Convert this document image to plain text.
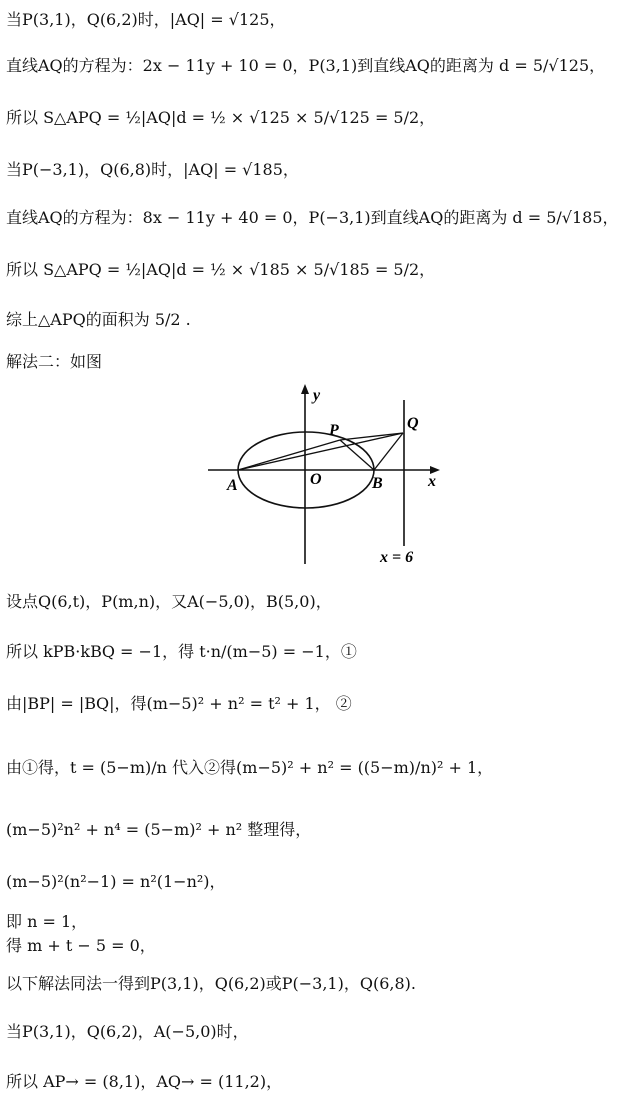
当P(3,1)，Q(6,2)时，|AQ| = √125，
直线AQ的方程为：2x − 11y + 10 = 0，P(3,1)到直线AQ的距离为 d = 5/√125，
所以 S△APQ = ½|AQ|d = ½ × √125 × 5/√125 = 5/2，
当P(−3,1)，Q(6,8)时，|AQ| = √185，
直线AQ的方程为：8x − 11y + 40 = 0，P(−3,1)到直线AQ的距离为 d = 5/√185，
所以 S△APQ = ½|AQ|d = ½ × √185 × 5/√185 = 5/2，
综上△APQ的面积为 5/2 .
解法二：如图
设点Q(6,t)，P(m,n)，又A(−5,0)，B(5,0)，
所以 kPB·kBQ = −1，得 t·n/(m−5) = −1，①
由|BP| = |BQ|，得(m−5)² + n² = t² + 1， ②
由①得，t = (5−m)/n 代入②得(m−5)² + n² = ((5−m)/n)² + 1，
(m−5)²n² + n⁴ = (5−m)² + n² 整理得，
(m−5)²(n²−1) = n²(1−n²)，
即 n = 1，
得 m + t − 5 = 0，
以下解法同法一得到P(3,1)，Q(6,2)或P(−3,1)，Q(6,8).
当P(3,1)，Q(6,2)，A(−5,0)时，
所以 AP→ = (8,1)，AQ→ = (11,2)，
y
x
O
A	B
P	Q
x = 6
